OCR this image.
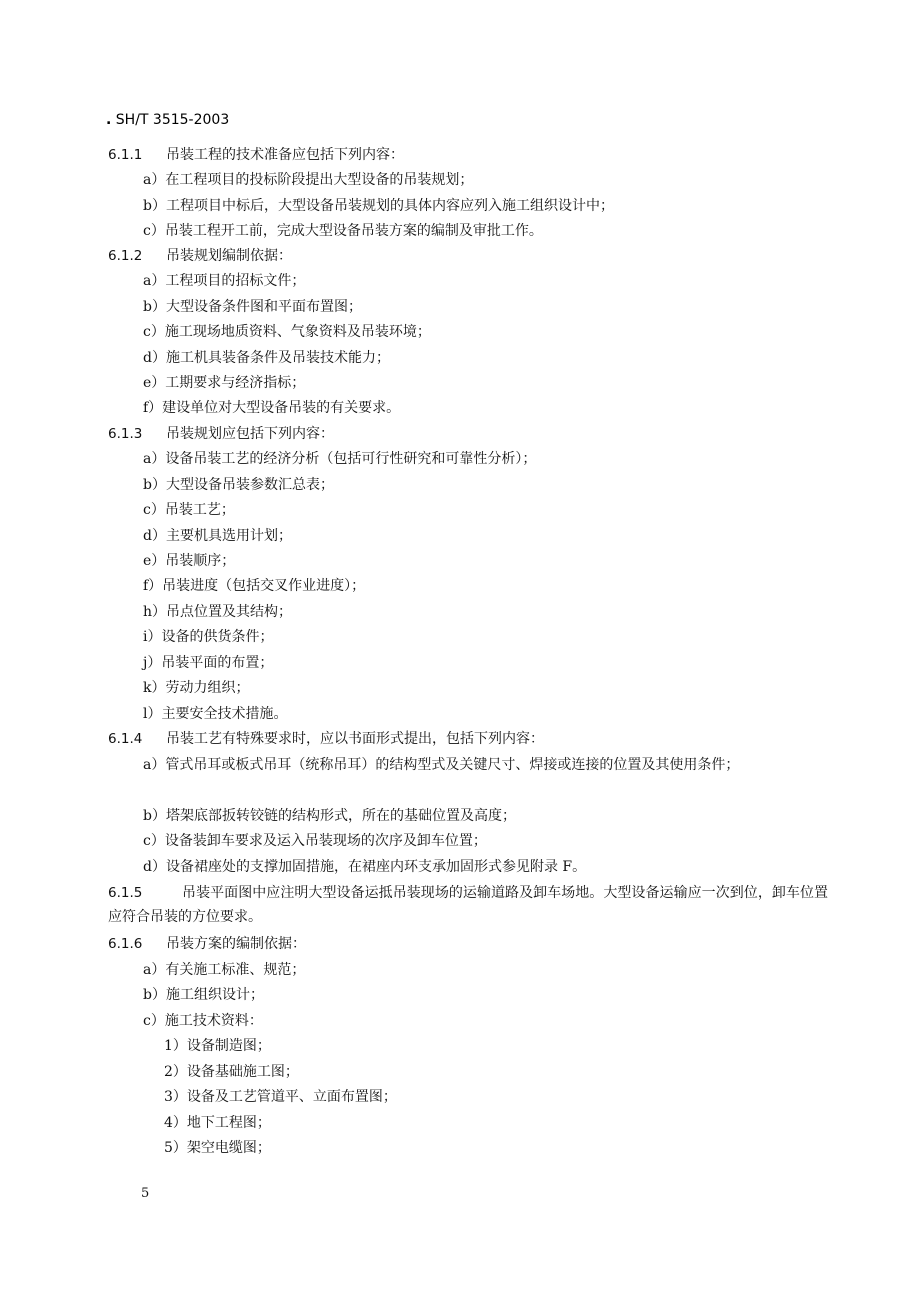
. SH/T 3515-2003
6.1.1 吊装工程的技术准备应包括下列内容：
a）在工程项目的投标阶段提出大型设备的吊装规划；
b）工程项目中标后，大型设备吊装规划的具体内容应列入施工组织设计中；
c）吊装工程开工前，完成大型设备吊装方案的编制及审批工作。
6.1.2 吊装规划编制依据：
a）工程项目的招标文件；
b）大型设备条件图和平面布置图；
c）施工现场地质资料、气象资料及吊装环境；
d）施工机具装备条件及吊装技术能力；
e）工期要求与经济指标；
f）建设单位对大型设备吊装的有关要求。
6.1.3 吊装规划应包括下列内容：
a）设备吊装工艺的经济分析（包括可行性研究和可靠性分析）；
b）大型设备吊装参数汇总表；
c）吊装工艺；
d）主要机具选用计划；
e）吊装顺序；
f）吊装进度（包括交叉作业进度）；
h）吊点位置及其结构；
i）设备的供货条件；
j）吊装平面的布置；
k）劳动力组织；
l）主要安全技术措施。
6.1.4 吊装工艺有特殊要求时，应以书面形式提出，包括下列内容：
a）管式吊耳或板式吊耳（统称吊耳）的结构型式及关键尺寸、焊接或连接的位置及其使用条件；
b）塔架底部扳转铰链的结构形式，所在的基础位置及高度；
c）设备装卸车要求及运入吊装现场的次序及卸车位置；
d）设备裙座处的支撑加固措施，在裙座内环支承加固形式参见附录 F。
6.1.5	吊装平面图中应注明大型设备运抵吊装现场的运输道路及卸车场地。大型设备运输应一次到位，卸车位置应符合吊装的方位要求。
6.1.6 吊装方案的编制依据：
a）有关施工标准、规范；
b）施工组织设计；
c）施工技术资料：
1）设备制造图；
2）设备基础施工图；
3）设备及工艺管道平、立面布置图；
4）地下工程图；
5）架空电缆图；
5
